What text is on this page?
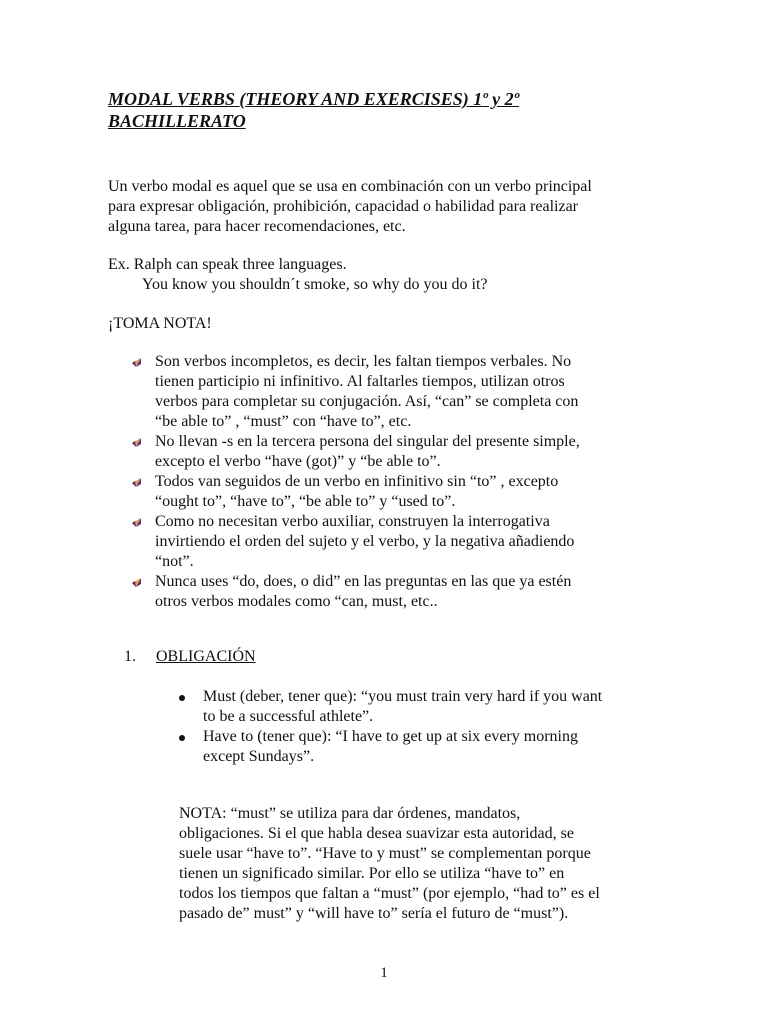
MODAL VERBS (THEORY AND EXERCISES) 1º y 2º
BACHILLERATO
Un verbo modal es aquel que se usa en combinación con un verbo principal
para expresar obligación, prohibición, capacidad o habilidad para realizar
alguna tarea, para hacer recomendaciones, etc.
Ex. Ralph can speak three languages.
You know you shouldn´t smoke, so why do you do it?
¡TOMA NOTA!
Son verbos incompletos, es decir, les faltan tiempos verbales. No
tienen participio ni infinitivo. Al faltarles tiempos, utilizan otros
verbos para completar su conjugación. Así, “can” se completa con
“be able to” , “must” con “have to”, etc.
No llevan -s en la tercera persona del singular del presente simple,
excepto el verbo “have (got)” y “be able to”.
Todos van seguidos de un verbo en infinitivo sin “to” , excepto
“ought to”, “have to”, “be able to” y “used to”.
Como no necesitan verbo auxiliar, construyen la interrogativa
invirtiendo el orden del sujeto y el verbo, y la negativa añadiendo
“not”.
Nunca uses “do, does, o did” en las preguntas en las que ya estén
otros verbos modales como “can, must, etc..
1. OBLIGACIÓN
Must (deber, tener que): “you must train very hard if you want
to be a successful athlete”.
Have to (tener que): “I have to get up at six every morning
except Sundays”.
NOTA: “must” se utiliza para dar órdenes, mandatos,
obligaciones. Si el que habla desea suavizar esta autoridad, se
suele usar “have to”. “Have to y must” se complementan porque
tienen un significado similar. Por ello se utiliza “have to” en
todos los tiempos que faltan a “must” (por ejemplo, “had to” es el
pasado de” must” y “will have to” sería el futuro de “must”).
1
